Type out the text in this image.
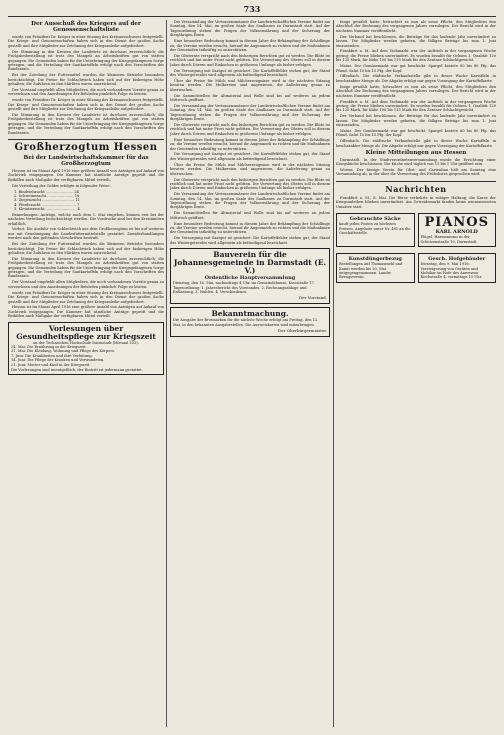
733
Der Ausschuß des Kriegers auf der Genossenschaftsliste

wurde von Präsident Dr. Kröger in einer Sitzung des Kreisausschusses festgestellt. Die Kriegs- und Genossenschaften haben sich in den Dienst der großen Sache gestellt und ihre Mitglieder zur Zeichnung der Kriegsanleihe aufgefordert.

Die Stimmung in den Kreisen der Landwirte ist durchaus zuversichtlich; die Frühjahrsbestellung ist trotz des Mangels an Arbeitskräften gut von statten gegangen. Die Gemeinden haben für die Unterbringung der Kriegsgefangenen Sorge getragen, und die Verteilung der Saatkartoffeln erfolgt nach den Vorschriften des Bundesrats.

Bei der Zuteilung der Futtermittel wurden die kleineren Betriebe besonders berücksichtigt. Die Preise für Schlachtvieh haben sich auf der bisherigen Höhe gehalten; die Zufuhren zu den Märkten waren ausreichend.

Der Vorstand empfiehlt allen Mitgliedern, die noch vorhandenen Vorräte genau zu verzeichnen und den Anordnungen der Behörden pünktlich Folge zu leisten.

wurde von Präsident Dr. Kröger in einer Sitzung des Kreisausschusses festgestellt. Die Kriegs- und Genossenschaften haben sich in den Dienst der großen Sache gestellt und ihre Mitglieder zur Zeichnung der Kriegsanleihe aufgefordert.

Die Stimmung in den Kreisen der Landwirte ist durchaus zuversichtlich; die Frühjahrsbestellung ist trotz des Mangels an Arbeitskräften gut von statten gegangen. Die Gemeinden haben für die Unterbringung der Kriegsgefangenen Sorge getragen, und die Verteilung der Saatkartoffeln erfolgt nach den Vorschriften des Bundesrats.

Großherzogtum Hessen
Bei der Landwirtschaftskammer für das Großherzogtum

Hessen ist im Monat April 1916 eine größere Anzahl von Anträgen auf Ankauf von Zuchtvieh eingegangen. Die Kammer hat sämtliche Anträge geprüft und die Beihilfen nach Maßgabe der verfügbaren Mittel verteilt.

Die Verteilung der Gelder erfolgte in folgender Weise:

1. Rindviehzucht ........................ 24
2. Schweinezucht ....................... 18
3. Ziegenzucht ............................ 11
4. Pferdezucht .............................. 7
5. Kleintierzucht ........................... 4

Bemerkungen: Anträge, welche nach dem 1. Mai eingehen, können erst bei der nächsten Verteilung berücksichtigt werden. Die Vordrucke sind bei den Kreisämtern erhältlich.

Verbot. Die Ausfuhr von Schlachtvieh aus dem Großherzogtum ist bis auf weiteres nur mit Genehmigung der Landesfuttermittelstelle gestattet. Zuwiderhandlungen werden nach den geltenden Vorschriften bestraft.

Bei der Zuteilung der Futtermittel wurden die kleineren Betriebe besonders berücksichtigt. Die Preise für Schlachtvieh haben sich auf der bisherigen Höhe gehalten; die Zufuhren zu den Märkten waren ausreichend.

Die Stimmung in den Kreisen der Landwirte ist durchaus zuversichtlich; die Frühjahrsbestellung ist trotz des Mangels an Arbeitskräften gut von statten gegangen. Die Gemeinden haben für die Unterbringung der Kriegsgefangenen Sorge getragen, und die Verteilung der Saatkartoffeln erfolgt nach den Vorschriften des Bundesrats.

Der Vorstand empfiehlt allen Mitgliedern, die noch vorhandenen Vorräte genau zu verzeichnen und den Anordnungen der Behörden pünktlich Folge zu leisten.

wurde von Präsident Dr. Kröger in einer Sitzung des Kreisausschusses festgestellt. Die Kriegs- und Genossenschaften haben sich in den Dienst der großen Sache gestellt und ihre Mitglieder zur Zeichnung der Kriegsanleihe aufgefordert.

Hessen ist im Monat April 1916 eine größere Anzahl von Anträgen auf Ankauf von Zuchtvieh eingegangen. Die Kammer hat sämtliche Anträge geprüft und die Beihilfen nach Maßgabe der verfügbaren Mittel verteilt.

Vorlesungen über Gesundheitspflege zur Kriegszeit
an der Technischen Hochschule Darmstadt (Hörsaal 122).
24. Mai: Die Ernährung in der Kriegszeit.
31. Mai: Die Kleidung, Wohnung und Pflege des Körpers.
7. Juni: Die Krankheiten und ihre Verhütung.
14. Juni: Die Pflege der Kranken und Verwundeten.
21. Juni: Mutter und Kind in der Kriegszeit.
Die Vorlesungen sind unentgeltlich; der Eintritt ist jedermann gestattet.

Die Versammlung der Vertrauensmänner der Landwirtschaftlichen Vereine findet am Sonntag, den 14. Mai, im großen Saale des Saalbaues zu Darmstadt statt. Auf der Tagesordnung stehen die Fragen der Volksernährung und der Sicherung der diesjährigen Ernte.

Eine besondere Bedeutung kommt in diesem Jahre der Bekämpfung der Schädlinge zu; die Vereine werden ersucht, hierauf ihr Augenmerk zu richten und die Maßnahmen der Gemeinden tatkräftig zu unterstützen.

Die Obsternte verspricht nach den bisherigen Berichten gut zu werden. Die Blüte ist reichlich und hat unter Frost nicht gelitten. Die Verwertung des Obstes soll in diesem Jahre durch Dörren und Einkochen in größerem Umfange als bisher erfolgen.

Die Versorgung mit Saatgut ist gesichert. Die Kartoffelfelder stehen gut; der Stand des Wintergetreides wird allgemein als befriedigend bezeichnet.

Über die Preise für Milch und Milcherzeugnisse wird in der nächsten Sitzung beraten werden. Die Molkereien sind angewiesen, die Anlieferung genau zu überwachen.

Die Sammelstellen für Altmaterial und Wolle sind bis auf weiteres an jedem Mittwoch geöffnet.

Die Versammlung der Vertrauensmänner der Landwirtschaftlichen Vereine findet am Sonntag, den 14. Mai, im großen Saale des Saalbaues zu Darmstadt statt. Auf der Tagesordnung stehen die Fragen der Volksernährung und der Sicherung der diesjährigen Ernte.

Die Obsternte verspricht nach den bisherigen Berichten gut zu werden. Die Blüte ist reichlich und hat unter Frost nicht gelitten. Die Verwertung des Obstes soll in diesem Jahre durch Dörren und Einkochen in größerem Umfange als bisher erfolgen.

Eine besondere Bedeutung kommt in diesem Jahre der Bekämpfung der Schädlinge zu; die Vereine werden ersucht, hierauf ihr Augenmerk zu richten und die Maßnahmen der Gemeinden tatkräftig zu unterstützen.

Die Versorgung mit Saatgut ist gesichert. Die Kartoffelfelder stehen gut; der Stand des Wintergetreides wird allgemein als befriedigend bezeichnet.

Über die Preise für Milch und Milcherzeugnisse wird in der nächsten Sitzung beraten werden. Die Molkereien sind angewiesen, die Anlieferung genau zu überwachen.

Die Obsternte verspricht nach den bisherigen Berichten gut zu werden. Die Blüte ist reichlich und hat unter Frost nicht gelitten. Die Verwertung des Obstes soll in diesem Jahre durch Dörren und Einkochen in größerem Umfange als bisher erfolgen.

Die Versammlung der Vertrauensmänner der Landwirtschaftlichen Vereine findet am Sonntag, den 14. Mai, im großen Saale des Saalbaues zu Darmstadt statt. Auf der Tagesordnung stehen die Fragen der Volksernährung und der Sicherung der diesjährigen Ernte.

Die Sammelstellen für Altmaterial und Wolle sind bis auf weiteres an jedem Mittwoch geöffnet.

Eine besondere Bedeutung kommt in diesem Jahre der Bekämpfung der Schädlinge zu; die Vereine werden ersucht, hierauf ihr Augenmerk zu richten und die Maßnahmen der Gemeinden tatkräftig zu unterstützen.

Die Versorgung mit Saatgut ist gesichert. Die Kartoffelfelder stehen gut; der Stand des Wintergetreides wird allgemein als befriedigend bezeichnet.

Bauverein für die Johannesgemeinde in Darmstadt (E. V.)
Ordentliche Hauptversammlung
Dienstag, den 16. Mai, nachmittags 4 Uhr, im Gemeindehause, Kiesstraße 17.
Tagesordnung: 1. Jahresbericht des Vorstandes. 2. Rechnungsablage und Entlastung. 3. Wahlen. 4. Verschiedenes.
Der Vorstand.
Bekanntmachung.
Die Ausgabe der Brotmarken für die nächste Woche erfolgt am Freitag, den 12. Mai, in den bekannten Ausgabestellen. Die Ausweiskarten sind mitzubringen.
Der Oberbürgermeister.

fange gewählt hatte, betrachtet es nun als seine Pflicht, den Mitgliedern den Abschluß der Rechnung des vergangenen Jahres vorzulegen. Der Bericht wird in der nächsten Nummer veröffentlicht.

Der Verband hat beschlossen, die Beiträge für das laufende Jahr unverändert zu lassen. Die Mitglieder werden gebeten, die fälligen Beträge bis zum 1. Juni einzusenden.

Frankfurt a. M. Auf dem Viehmarkt war der Auftrieb in der vergangenen Woche gering; die Preise blieben unverändert. Es wurden bezahlt für Ochsen 1. Qualität 120 bis 125 Mark, für Kühe 100 bis 115 Mark für den Zentner Schlachtgewicht.

Mainz. Der Gemüsemarkt war gut beschickt. Spargel kostete 60 bis 80 Pfg. das Pfund, Salat 10 bis 15 Pfg. der Kopf.

Offenbach. Die städtische Verkaufsstelle gibt in dieser Woche Kartoffeln in beschränkter Menge ab. Die Abgabe erfolgt nur gegen Vorzeigung der Kartoffelkarte.

fange gewählt hatte, betrachtet es nun als seine Pflicht, den Mitgliedern den Abschluß der Rechnung des vergangenen Jahres vorzulegen. Der Bericht wird in der nächsten Nummer veröffentlicht.

Frankfurt a. M. Auf dem Viehmarkt war der Auftrieb in der vergangenen Woche gering; die Preise blieben unverändert. Es wurden bezahlt für Ochsen 1. Qualität 120 bis 125 Mark, für Kühe 100 bis 115 Mark für den Zentner Schlachtgewicht.

Der Verband hat beschlossen, die Beiträge für das laufende Jahr unverändert zu lassen. Die Mitglieder werden gebeten, die fälligen Beträge bis zum 1. Juni einzusenden.

Mainz. Der Gemüsemarkt war gut beschickt. Spargel kostete 60 bis 80 Pfg. das Pfund, Salat 10 bis 15 Pfg. der Kopf.

Offenbach. Die städtische Verkaufsstelle gibt in dieser Woche Kartoffeln in beschränkter Menge ab. Die Abgabe erfolgt nur gegen Vorzeigung der Kartoffelkarte.

Kleine Mitteilungen aus Hessen

Darmstadt. In der Stadtverordnetenversammlung wurde die Errichtung einer Kriegsküche beschlossen. Die Küche wird täglich von 11 bis 1 Uhr geöffnet sein.

Worms. Der hiesige Verein für Obst- und Gartenbau hält am Sonntag eine Versammlung ab, in der über die Verwertung des Frühobstes gesprochen wird.

Nachrichten

Frankfurt a. M., 8. Mai. Die Börse verkehrte in ruhiger Haltung; die Kurse der Kriegsanleihen blieben unverändert. Am Getreidemarkt fanden keine nennenswerten Umsätze statt.

Gebrauchte Säcke
kauft jeden Posten zu höchsten Preisen. Angebote unter Nr. 481 an die Geschäftsstelle.
PIANOS
KARL ARNOLD
Flügel, Harmoniums in der Schützenstraße 10, Darmstadt
Kunstdüngerbezug
Bestellungen auf Thomasmehl und Kainit werden bis 20. Mai entgegengenommen. Landw. Bezugsverein.
Gesch. Hofgebäuder
Dienstag, den 9. Mai 1916: Versteigerung von Geräten und Mobiliar im Hofe des Anwesens Kirchstraße 4, vormittags 10 Uhr.
